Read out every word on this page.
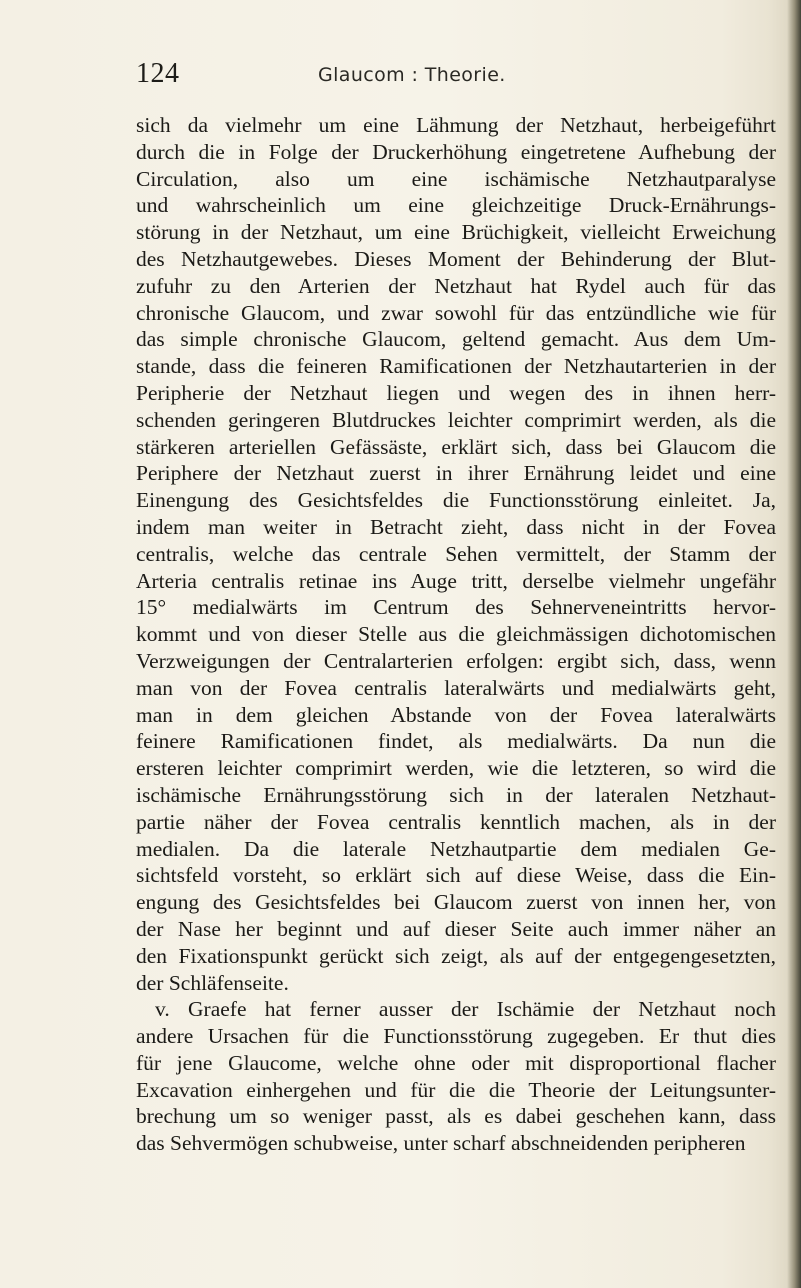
124	Glaucom : Theorie.
sich da vielmehr um eine Lähmung der Netzhaut, herbeigeführt
durch die in Folge der Druckerhöhung eingetretene Aufhebung der
Circulation, also um eine ischämische Netzhautparalyse
und wahrscheinlich um eine gleichzeitige Druck-Ernährungs-
störung in der Netzhaut, um eine Brüchigkeit, vielleicht Erweichung
des Netzhautgewebes. Dieses Moment der Behinderung der Blut-
zufuhr zu den Arterien der Netzhaut hat Rydel auch für das
chronische Glaucom, und zwar sowohl für das entzündliche wie für
das simple chronische Glaucom, geltend gemacht. Aus dem Um-
stande, dass die feineren Ramificationen der Netzhautarterien in der
Peripherie der Netzhaut liegen und wegen des in ihnen herr-
schenden geringeren Blutdruckes leichter comprimirt werden, als die
stärkeren arteriellen Gefässäste, erklärt sich, dass bei Glaucom die
Periphere der Netzhaut zuerst in ihrer Ernährung leidet und eine
Einengung des Gesichtsfeldes die Functionsstörung einleitet. Ja,
indem man weiter in Betracht zieht, dass nicht in der Fovea
centralis, welche das centrale Sehen vermittelt, der Stamm der
Arteria centralis retinae ins Auge tritt, derselbe vielmehr ungefähr
15° medialwärts im Centrum des Sehnerveneintritts hervor-
kommt und von dieser Stelle aus die gleichmässigen dichotomischen
Verzweigungen der Centralarterien erfolgen: ergibt sich, dass, wenn
man von der Fovea centralis lateralwärts und medialwärts geht,
man in dem gleichen Abstande von der Fovea lateralwärts
feinere Ramificationen findet, als medialwärts. Da nun die
ersteren leichter comprimirt werden, wie die letzteren, so wird die
ischämische Ernährungsstörung sich in der lateralen Netzhaut-
partie näher der Fovea centralis kenntlich machen, als in der
medialen. Da die laterale Netzhautpartie dem medialen Ge-
sichtsfeld vorsteht, so erklärt sich auf diese Weise, dass die Ein-
engung des Gesichtsfeldes bei Glaucom zuerst von innen her, von
der Nase her beginnt und auf dieser Seite auch immer näher an
den Fixationspunkt gerückt sich zeigt, als auf der entgegengesetzten,
der Schläfenseite.
v. Graefe hat ferner ausser der Ischämie der Netzhaut noch
andere Ursachen für die Functionsstörung zugegeben. Er thut dies
für jene Glaucome, welche ohne oder mit disproportional flacher
Excavation einhergehen und für die die Theorie der Leitungsunter-
brechung um so weniger passt, als es dabei geschehen kann, dass
das Sehvermögen schubweise, unter scharf abschneidenden peripheren
